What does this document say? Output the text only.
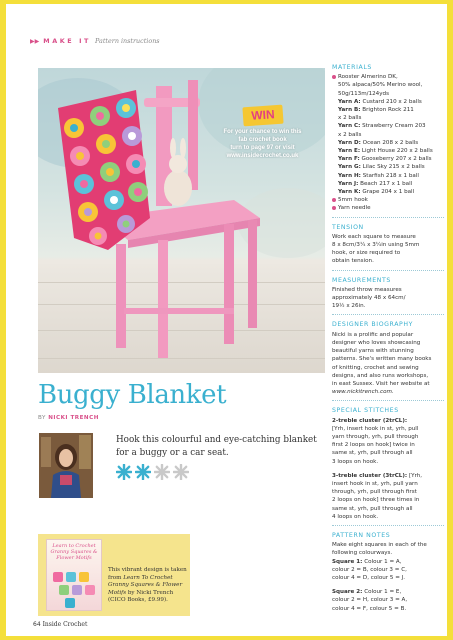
▶▶ MAKE IT Pattern instructions
WIN
For your chance to win this
fab crochet book
turn to page 97 or visit
www.insidecrochet.co.uk
Buggy Blanket
BY NICKI TRENCH
Hook this colourful and eye-catching blanket for a buggy or a car seat.
Learn to Crochet Granny Squares & Flower Motifs
This vibrant design is taken from Learn To Crochet Granny Squares & Flower Motifs by Nicki Trench (CICO Books, £9.99).
64 Inside Crochet
MATERIALS
Rooster Almerino DK,
50% alpaca/50% Merino wool,
50g/113m/124yds
Yarn A: Custard 210 x 2 balls
Yarn B: Brighton Rock 211
x 2 balls
Yarn C: Strawberry Cream 203
x 2 balls
Yarn D: Ocean 208 x 2 balls
Yarn E: Light House 220 x 2 balls
Yarn F: Gooseberry 207 x 2 balls
Yarn G: Lilac Sky 215 x 2 balls
Yarn H: Starfish 218 x 1 ball
Yarn J: Beach 217 x 1 ball
Yarn K: Grape 204 x 1 ball
5mm hook
Yarn needle
TENSION
Work each square to measure
8 x 8cm/3¼ x 3¼in using 5mm
hook, or size required to
obtain tension.
MEASUREMENTS
Finished throw measures
approximately 48 x 64cm/
19½ x 26in.
DESIGNER BIOGRAPHY
Nicki is a prolific and popular
designer who loves showcasing
beautiful yarns with stunning
patterns. She's written many books
of knitting, crochet and sewing
designs, and also runs workshops,
in east Sussex. Visit her website at
www.nickitrench.com.
SPECIAL STITCHES
2-treble cluster (2trCL):
[Yrh, insert hook in st, yrh, pull
yarn through, yrh, pull through
first 2 loops on hook] twice in
same st, yrh, pull through all
3 loops on hook.
3-treble cluster (3trCL): [Yrh,
insert hook in st, yrh, pull yarn
through, yrh, pull through first
2 loops on hook] three times in
same st, yrh, pull through all
4 loops on hook.
PATTERN NOTES
Make eight squares in each of the
following colourways.
Square 1: Colour 1 = A,
colour 2 = B, colour 3 = C,
colour 4 = D, colour 5 = J.
Square 2: Colour 1 = E,
colour 2 = H, colour 3 = A,
colour 4 = F, colour 5 = B.
